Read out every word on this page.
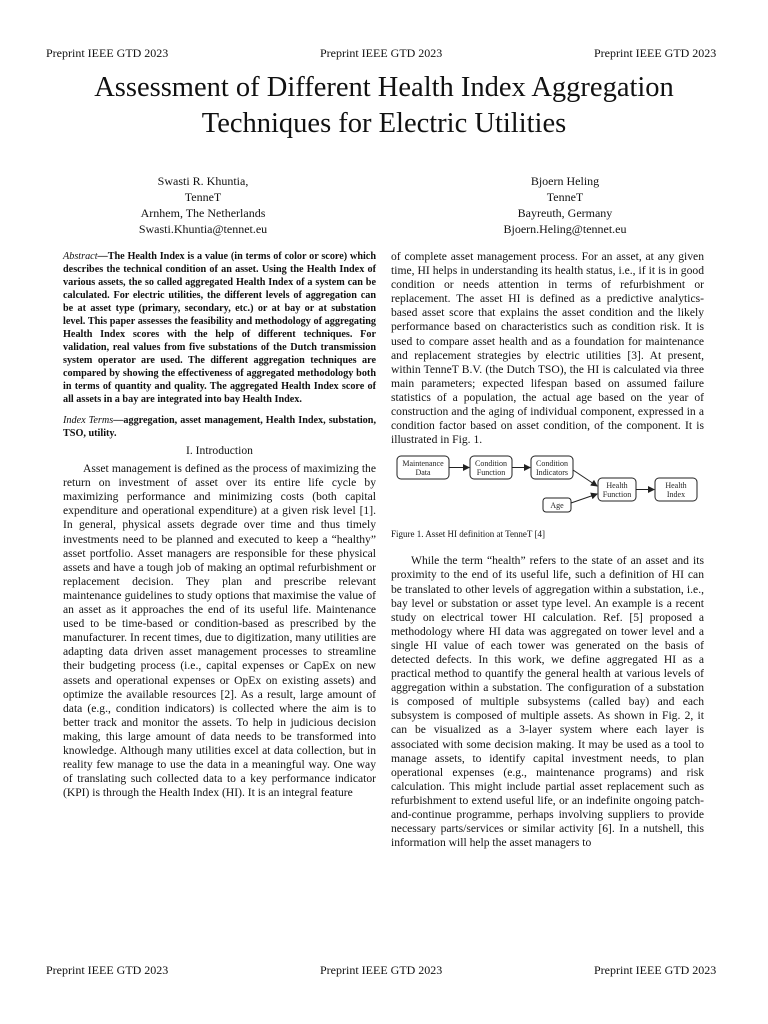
Preprint IEEE GTD 2023	Preprint IEEE GTD 2023	Preprint IEEE GTD 2023
Assessment of Different Health Index Aggregation
Techniques for Electric Utilities
Swasti R. Khuntia,
TenneT
Arnhem, The Netherlands
Swasti.Khuntia@tennet.eu
Bjoern Heling
TenneT
Bayreuth, Germany
Bjoern.Heling@tennet.eu

Abstract—The Health Index is a value (in terms of color or score) which describes the technical condition of an asset. Using the Health Index of various assets, the so called aggregated Health Index of a system can be calculated. For electric utilities, the different levels of aggregation can be at asset type (primary, secondary, etc.) or at bay or at substation level. This paper assesses the feasibility and methodology of aggregating Health Index scores with the help of different techniques. For validation, real values from five substations of the Dutch transmission system operator are used. The different aggregation techniques are compared by showing the effectiveness of aggregated methodology both in terms of quantity and quality. The aggregated Health Index score of all assets in a bay are integrated into bay Health Index.

Index Terms—aggregation, asset management, Health Index, substation, TSO, utility.

I. Introduction

Asset management is defined as the process of maximizing the return on investment of asset over its entire life cycle by maximizing performance and minimizing costs (both capital expenditure and operational expenditure) at a given risk level [1]. In general, physical assets degrade over time and thus timely investments need to be planned and executed to keep a “healthy” asset portfolio. Asset managers are responsible for these physical assets and have a tough job of making an optimal refurbishment or replacement decision. They plan and prescribe relevant maintenance guidelines to study options that maximise the value of an asset as it approaches the end of its useful life. Maintenance used to be time-based or condition-based as prescribed by the manufacturer. In recent times, due to digitization, many utilities are adapting data driven asset management processes to streamline their budgeting process (i.e., capital expenses or CapEx on new assets and operational expenses or OpEx on existing assets) and optimize the available resources [2]. As a result, large amount of data (e.g., condition indicators) is collected where the aim is to better track and monitor the assets. To help in judicious decision making, this large amount of data needs to be transformed into knowledge. Although many utilities excel at data collection, but in reality few manage to use the data in a meaningful way. One way of translating such collected data to a key performance indicator (KPI) is through the Health Index (HI). It is an integral feature

of complete asset management process. For an asset, at any given time, HI helps in understanding its health status, i.e., if it is in good condition or needs attention in terms of refurbishment or replacement. The asset HI is defined as a predictive analytics-based asset score that explains the asset condition and the likely performance based on characteristics such as condition risk. It is used to compare asset health and as a foundation for maintenance and replacement strategies by electric utilities [3]. At present, within TenneT B.V. (the Dutch TSO), the HI is calculated via three main parameters; expected lifespan based on assumed failure statistics of a population, the actual age based on the year of construction and the aging of individual component, expressed in a condition factor based on asset condition, of the component. It is illustrated in Fig. 1.

Maintenance
Data
Condition
Function
Condition
Indicators
Health
Function
Health
Index
Age

Figure 1. Asset HI definition at TenneT [4]

While the term “health” refers to the state of an asset and its proximity to the end of its useful life, such a definition of HI can be translated to other levels of aggregation within a substation, i.e., bay level or substation or asset type level. An example is a recent study on electrical tower HI calculation. Ref. [5] proposed a methodology where HI data was aggregated on tower level and a single HI value of each tower was generated on the basis of detected defects. In this work, we define aggregated HI as a practical method to quantify the general health at various levels of aggregation within a substation. The configuration of a substation is composed of multiple subsystems (called bay) and each subsystem is composed of multiple assets. As shown in Fig. 2, it can be visualized as a 3-layer system where each layer is associated with some decision making. It may be used as a tool to manage assets, to identify capital investment needs, to plan operational expenses (e.g., maintenance programs) and risk calculation. This might include partial asset replacement such as refurbishment to extend useful life, or an indefinite ongoing patch-and-continue programme, perhaps involving suppliers to provide necessary parts/services or similar activity [6]. In a nutshell, this information will help the asset managers to

Preprint IEEE GTD 2023	Preprint IEEE GTD 2023	Preprint IEEE GTD 2023
